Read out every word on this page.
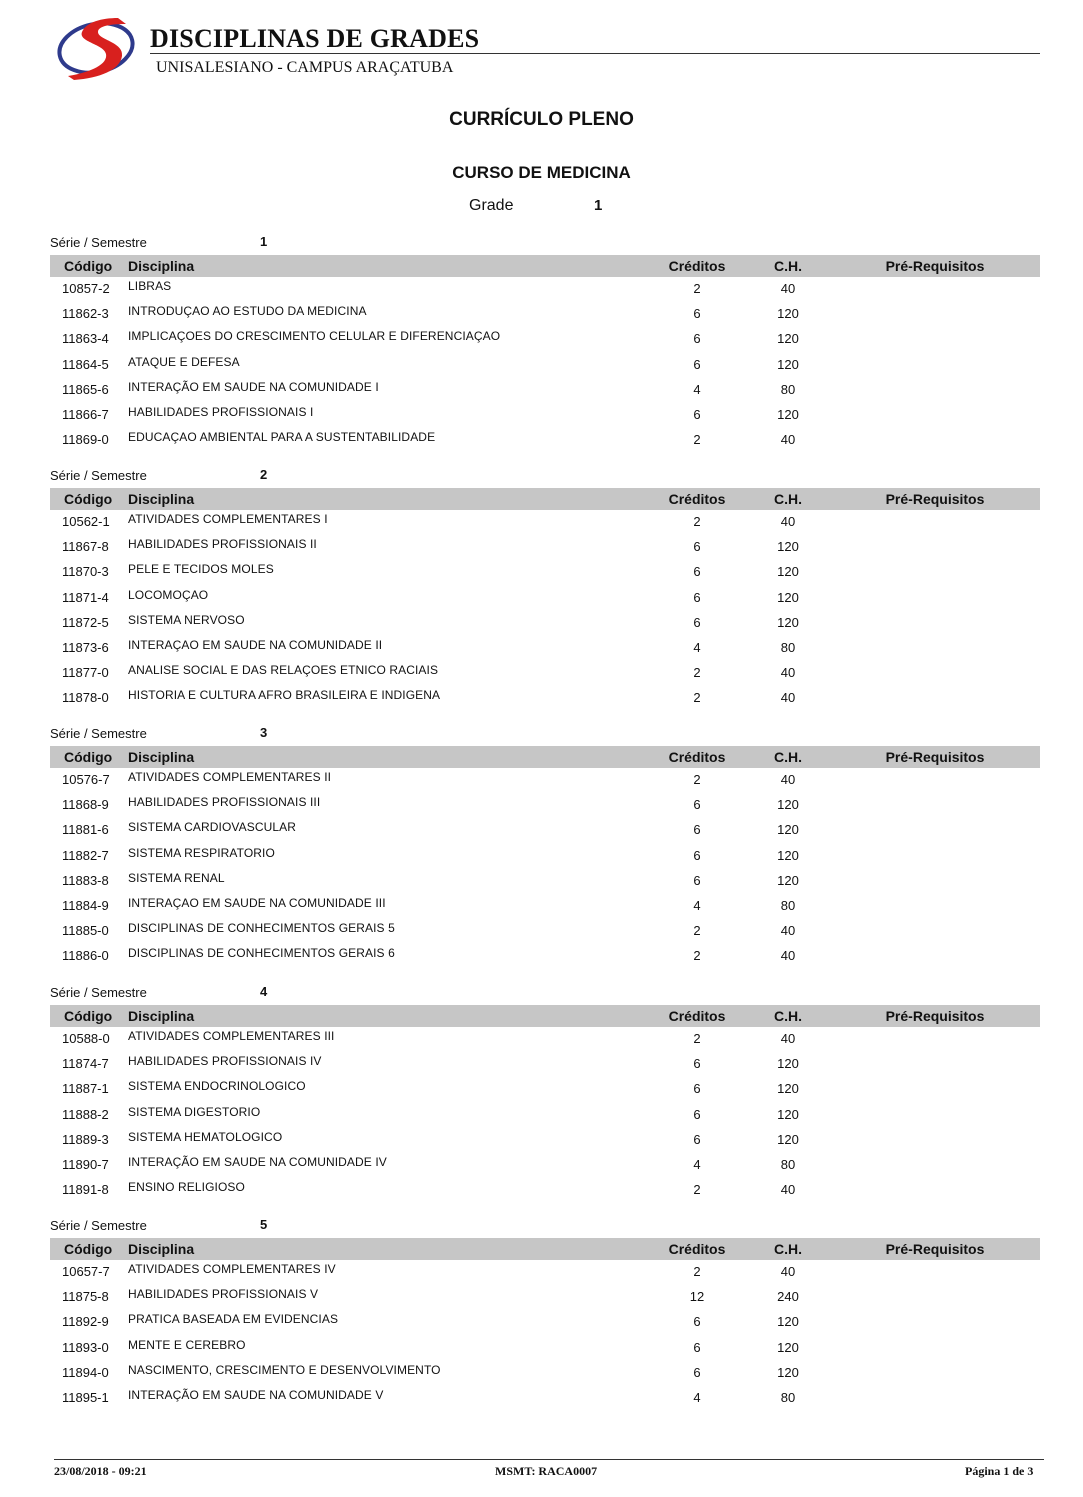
DISCIPLINAS DE GRADES
UNISALESIANO - CAMPUS ARAÇATUBA
CURRÍCULO PLENO
CURSO DE MEDICINA
Grade	1
Série / Semestre	1
Código Disciplina	Créditos	C.H.	Pré-Requisitos
10857-2 LIBRAS	2	40
11862-3 INTRODUÇAO AO ESTUDO DA MEDICINA	6	120
11863-4 IMPLICAÇOES DO CRESCIMENTO CELULAR E DIFERENCIAÇAO	6	120
11864-5 ATAQUE E DEFESA	6	120
11865-6 INTERAÇÃO EM SAUDE NA COMUNIDADE I	4	80
11866-7 HABILIDADES PROFISSIONAIS I	6	120
11869-0 EDUCAÇAO AMBIENTAL PARA A SUSTENTABILIDADE	2	40
Série / Semestre	2
Código Disciplina	Créditos	C.H.	Pré-Requisitos
10562-1 ATIVIDADES COMPLEMENTARES I	2	40
11867-8 HABILIDADES PROFISSIONAIS II	6	120
11870-3 PELE E TECIDOS MOLES	6	120
11871-4 LOCOMOÇAO	6	120
11872-5 SISTEMA NERVOSO	6	120
11873-6 INTERAÇAO EM SAUDE NA COMUNIDADE II	4	80
11877-0 ANALISE SOCIAL E DAS RELAÇOES ETNICO RACIAIS	2	40
11878-0 HISTORIA E CULTURA AFRO BRASILEIRA E INDIGENA	2	40
Série / Semestre	3
Código Disciplina	Créditos	C.H.	Pré-Requisitos
10576-7 ATIVIDADES COMPLEMENTARES II	2	40
11868-9 HABILIDADES PROFISSIONAIS III	6	120
11881-6 SISTEMA CARDIOVASCULAR	6	120
11882-7 SISTEMA RESPIRATORIO	6	120
11883-8 SISTEMA RENAL	6	120
11884-9 INTERAÇAO EM SAUDE NA COMUNIDADE III	4	80
11885-0 DISCIPLINAS DE CONHECIMENTOS GERAIS 5	2	40
11886-0 DISCIPLINAS DE CONHECIMENTOS GERAIS 6	2	40
Série / Semestre	4
Código Disciplina	Créditos	C.H.	Pré-Requisitos
10588-0 ATIVIDADES COMPLEMENTARES III	2	40
11874-7 HABILIDADES PROFISSIONAIS IV	6	120
11887-1 SISTEMA ENDOCRINOLOGICO	6	120
11888-2 SISTEMA DIGESTORIO	6	120
11889-3 SISTEMA HEMATOLOGICO	6	120
11890-7 INTERAÇÃO EM SAUDE NA COMUNIDADE IV	4	80
11891-8 ENSINO RELIGIOSO	2	40
Série / Semestre	5
Código Disciplina	Créditos	C.H.	Pré-Requisitos
10657-7 ATIVIDADES COMPLEMENTARES IV	2	40
11875-8 HABILIDADES PROFISSIONAIS V	12	240
11892-9 PRATICA BASEADA EM EVIDENCIAS	6	120
11893-0 MENTE E CEREBRO	6	120
11894-0 NASCIMENTO, CRESCIMENTO E DESENVOLVIMENTO	6	120
11895-1 INTERAÇÃO EM SAUDE NA COMUNIDADE V	4	80
23/08/2018 - 09:21	MSMT: RACA0007	Página 1 de 3
